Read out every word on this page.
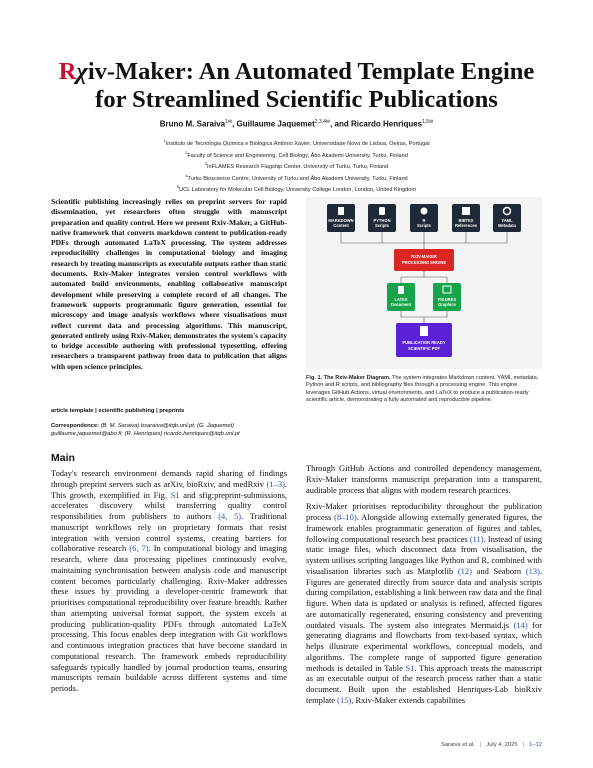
Rχiv-Maker: An Automated Template Engine
for Streamlined Scientific Publications
Bruno M. Saraiva$^{1✉}$, Guillaume Jaquemet$^{2,3,4✉}$, and Ricardo Henriques$^{1,5✉}$
$^1$Instituto de Tecnologia Química e Biológica António Xavier, Universidade Nova de Lisboa, Oeiras, Portugal
$^2$Faculty of Science and Engineering, Cell Biology, Åbo Akademi University, Turku, Finland
$^3$InFLAMES Research Flagship Center, University of Turku, Turku, Finland
$^4$Turku Bioscience Centre, University of Turku and Åbo Akademi University, Turku, Finland
$^5$UCL Laboratory for Molecular Cell Biology, University College London, London, United Kingdom
Scientific publishing increasingly relies on preprint servers for rapid dissemination, yet researchers often struggle with manuscript preparation and quality control. Here we present Rxiv-Maker, a GitHub-native framework that converts markdown content to publication-ready PDFs through automated LaTeX processing. The system addresses reproducibility challenges in computational biology and imaging research by treating manuscripts as executable outputs rather than static documents. Rxiv-Maker integrates version control workflows with automated build environments, enabling collaborative manuscript development while preserving a complete record of all changes. The framework supports programmatic figure generation, essential for microscopy and image analysis workflows where visualisations must reflect current data and processing algorithms. This manuscript, generated entirely using Rxiv-Maker, demonstrates the system's capacity to bridge accessible authoring with professional typesetting, offering researchers a transparent pathway from data to publication that aligns with open science principles.
article template | scientific publishing | preprints
Correspondence: (B. M. Saraiva) bsaraiva@itqb.unl.pt; (G. Jaquemet) guillaume.jaquemet@abo.fi; (R. Henriques) ricardo.henriques@itqb.unl.pt
Main
Today's research environment demands rapid sharing of findings through preprint servers such as arXiv, bioRxiv, and medRxiv (1–3). This growth, exemplified in Fig. S1 and sfig:preprint-submissions, accelerates discovery whilst transferring quality control responsibilities from publishers to authors (4, 5). Traditional manuscript workflows rely on proprietary formats that resist integration with version control systems, creating barriers for collaborative research (6, 7). In computational biology and imaging research, where data processing pipelines continuously evolve, maintaining synchronisation between analysis code and manuscript content becomes particularly challenging. Rxiv-Maker addresses these issues by providing a developer-centric framework that prioritises computational reproducibility over feature breadth. Rather than attempting universal format support, the system excels at producing publication-quality PDFs through automated LaTeX processing. This focus enables deep integration with Git workflows and continuous integration practices that have become standard in computational research. The framework embeds reproducibility safeguards typically handled by journal production teams, ensuring manuscripts remain buildable across different systems and time periods.
MARKDOWN
Content
PYTHON
Scripts
R
Scripts
BIBTEX
References
YAML
Metadata
RXIV-MAKER
PROCESSING ENGINE
LATEX
Document
FIGURES
Graphics
PUBLICATION READY
SCIENTIFIC PDF
Fig. 1. The Rxiv-Maker Diagram. The system integrates Markdown content, YAML metadata, Python and R scripts, and bibliography files through a processing engine. This engine leverages GitHub Actions, virtual environments, and LaTeX to produce a publication-ready scientific article, demonstrating a fully automated and reproducible pipeline.

Through GitHub Actions and controlled dependency management, Rxiv-Maker transforms manuscript preparation into a transparent, auditable process that aligns with modern research practices.

Rxiv-Maker prioritises reproducibility throughout the publication process (8–10). Alongside allowing externally generated figures, the framework enables programmatic generation of figures and tables, following computational research best practices (11). Instead of using static image files, which disconnect data from visualisation, the system utilises scripting languages like Python and R, combined with visualisation libraries such as Matplotlib (12) and Seaborn (13). Figures are generated directly from source data and analysis scripts during compilation, establishing a link between raw data and the final figure. When data is updated or analysis is refined, affected figures are automatically regenerated, ensuring consistency and preventing outdated visuals. The system also integrates Mermaid.js (14) for generating diagrams and flowcharts from text-based syntax, which helps illustrate experimental workflows, conceptual models, and algorithms. The complete range of supported figure generation methods is detailed in Table S1. This approach treats the manuscript as an executable output of the research process rather than a static document. Built upon the established Henriques-Lab bioRxiv template (15), Rxiv-Maker extends capabilities

Saraiva et al. | July 4, 2025 | 1–12
